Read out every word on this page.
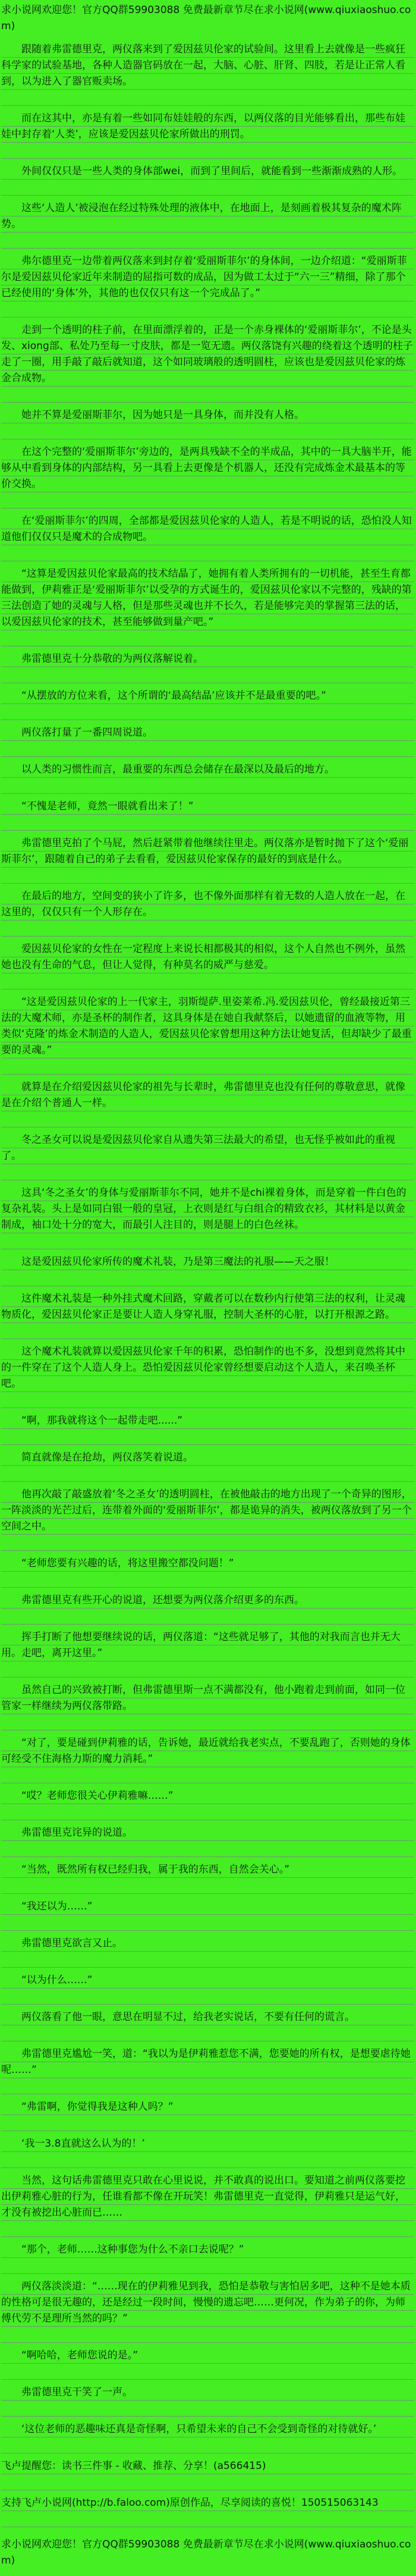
求小说网欢迎您！官方QQ群59903088 免费最新章节尽在求小说网(www.qiuxiaoshuo.com)

跟随着弗雷德里克，两仪落来到了爱因兹贝伦家的试验间。这里看上去就像是一些疯狂科学家的试验基地，各种人造器官码放在一起，大脑、心脏、肝肾、四肢，若是让正常人看到，以为进入了器官贩卖场。

而在这其中，亦是有着一些如同布娃娃般的东西，以两仪落的目光能够看出，那些布娃娃中封存着‘人类’，应该是爱因兹贝伦家所做出的刑罚。

外间仅仅只是一些人类的身体部wei，而到了里间后，就能看到一些渐渐成熟的人形。

这些‘人造人’被浸泡在经过特殊处理的液体中，在地面上，是刻画着极其复杂的魔术阵势。

弗尔德里克一边带着两仪落来到封存着‘爱丽斯菲尔’的身体间，一边介绍道：“爱丽斯菲尔是爱因兹贝伦家近年来制造的屈指可数的成品，因为做工太过于“六一三”精细，除了那个已经使用的‘身体’外，其他的也仅仅只有这一个完成品了。”

走到一个透明的柱子前，在里面漂浮着的，正是一个赤身裸体的‘爱丽斯菲尔’，不论是头发、xiong部、私处乃至每一寸皮肤，都是一览无遗。两仪落饶有兴趣的绕着这个透明的柱子走了一圈，用手敲了敲后就知道，这个如同玻璃般的透明圆柱，应该也是爱因兹贝伦家的炼金合成物。

她并不算是爱丽斯菲尔，因为她只是一具身体，而并没有人格。

在这个完整的‘爱丽斯菲尔’旁边的，是两具残缺不全的半成品，其中的一具大脑半开，能够从中看到身体的内部结构，另一具看上去更像是个机器人，还没有完成炼金术最基本的等价交换。

在‘爱丽斯菲尔’的四周，全部都是爱因兹贝伦家的人造人，若是不明说的话，恐怕没人知道他们仅仅只是魔术的合成物吧。

“这算是爱因兹贝伦家最高的技术结晶了，她拥有着人类所拥有的一切机能，甚至生育都能做到，伊莉雅正是‘爱丽斯菲尔’以受孕的方式诞生的，爱因兹贝伦家以不完整的，残缺的第三法创造了她的灵魂与人格，但是那些灵魂也并不长久，若是能够完美的掌握第三法的话，以爱因兹贝伦家的技术，甚至能够做到量产吧。”

弗雷德里克十分恭敬的为两仪落解说着。

“从摆放的方位来看，这个所谓的‘最高结晶’应该并不是最重要的吧。”

两仪落打量了一番四周说道。

以人类的习惯性而言，最重要的东西总会储存在最深以及最后的地方。

“不愧是老师，竟然一眼就看出来了！”

弗雷德里克拍了个马屁，然后赶紧带着他继续往里走。两仪落亦是暂时抛下了这个‘爱丽斯菲尔’，跟随着自己的弟子去看看，爱因兹贝伦家保存的最好的到底是什么。

在最后的地方，空间变的狭小了许多，也不像外面那样有着无数的人造人放在一起，在这里的，仅仅只有一个人形存在。

爱因兹贝伦家的女性在一定程度上来说长相都极其的相似，这个人自然也不例外，虽然她也没有生命的气息，但让人觉得，有种莫名的威严与慈爱。

“这是爱因兹贝伦家的上一代家主，羽斯缇萨.里姿莱希.冯.爱因兹贝伦，曾经最接近第三法的大魔术师，亦是圣杯的制作者，这具身体是在她自我献祭后，以她遗留的血液等物，用类似‘克隆’的炼金术制造的人造人，爱因兹贝伦家曾想用这种方法让她复活，但却缺少了最重要的灵魂。”

就算是在介绍爱因兹贝伦家的祖先与长辈时，弗雷德里克也没有任何的尊敬意思，就像是在介绍个普通人一样。

冬之圣女可以说是爱因兹贝伦家自从遗失第三法最大的希望，也无怪乎被如此的重视了。

这具‘冬之圣女’的身体与爱丽斯菲尔不同，她并不是chi裸着身体，而是穿着一件白色的复杂礼装。头上是如同白银一般的皇冠，上衣则是红与白组合的精致衣衫，其材料是以黄金制成，袖口处十分的宽大，而最引人注目的，则是腿上的白色丝袜。

这是爱因兹贝伦家所传的魔术礼装，乃是第三魔法的礼服——天之服！

这件魔术礼装是一种外挂式魔术回路，穿戴者可以在数秒内行使第三法的权利，让灵魂物质化，爱因兹贝伦家正是要让人造人身穿礼服，控制大圣杯的心脏，以打开根源之路。

这个魔术礼装就算以爱因兹贝伦家千年的积累，恐怕制作的也不多，没想到竟然将其中的一件穿在了这个人造人身上。恐怕爱因兹贝伦家曾经想要启动这个人造人，来召唤圣杯吧。

“啊，那我就将这个一起带走吧......”

简直就像是在抢劫，两仪落笑着说道。

他再次敲了敲盛放着‘冬之圣女’的透明圆柱，在被他敲击的地方出现了一个奇异的图形，一阵淡淡的光芒过后，连带着外面的‘爱丽斯菲尔’，都是诡异的消失，被两仪落放到了另一个空间之中。

“老师您要有兴趣的话，将这里搬空都没问题！”

弗雷德里克有些开心的说道，还想要为两仪落介绍更多的东西。

挥手打断了他想要继续说的话，两仪落道：“这些就足够了，其他的对我而言也并无大用。走吧，离开这里。”

虽然自己的兴致被打断，但弗雷德里斯一点不满都没有，他小跑着走到前面，如同一位管家一样继续为两仪落带路。

“对了，要是碰到伊莉雅的话，告诉她，最近就给我老实点，不要乱跑了，否则她的身体可经受不住海格力斯的魔力消耗。”

“哎？老师您很关心伊莉雅嘛……”

弗雷德里克诧异的说道。

“当然，既然所有权已经归我，属于我的东西，自然会关心。”

“我还以为……”

弗雷德里克欲言又止。

“以为什么……”

两仪落看了他一眼，意思在明显不过，给我老实说话，不要有任何的谎言。

弗雷德里克尴尬一笑，道：“我以为是伊莉雅惹您不满，您要她的所有权，是想要虐待她呢……”

“弗雷啊，你觉得我是这种人吗？”

‘我一3.8直就这么认为的！’

当然，这句话弗雷德里克只敢在心里说说，并不敢真的说出口。要知道之前两仪落要挖出伊莉雅心脏的行为，任谁看都不像在开玩笑！弗雷德里克一直觉得，伊莉雅只是运气好，才没有被挖出心脏而已……

“那个，老师……这种事您为什么不亲口去说呢？”

两仪落淡淡道：“……现在的伊莉雅见到我，恐怕是恭敬与害怕居多吧，这种不是她本质的性格可是很无趣的，还是经过一段时间，慢慢的遗忘吧……更何况，作为弟子的你，为师傅代劳不是理所当然的吗？”

“啊哈哈，老师您说的是。”

弗雷德里克干笑了一声。

‘这位老师的恶趣味还真是奇怪啊，只希望未来的自己不会受到奇怪的对待就好。’

飞卢提醒您：读书三件事 - 收藏、推荐、分享！(a566415)

支持飞卢小说网(http://b.faloo.com)原创作品，尽享阅读的喜悦！150515063143

求小说网欢迎您！官方QQ群59903088 免费最新章节尽在求小说网(www.qiuxiaoshuo.com)
